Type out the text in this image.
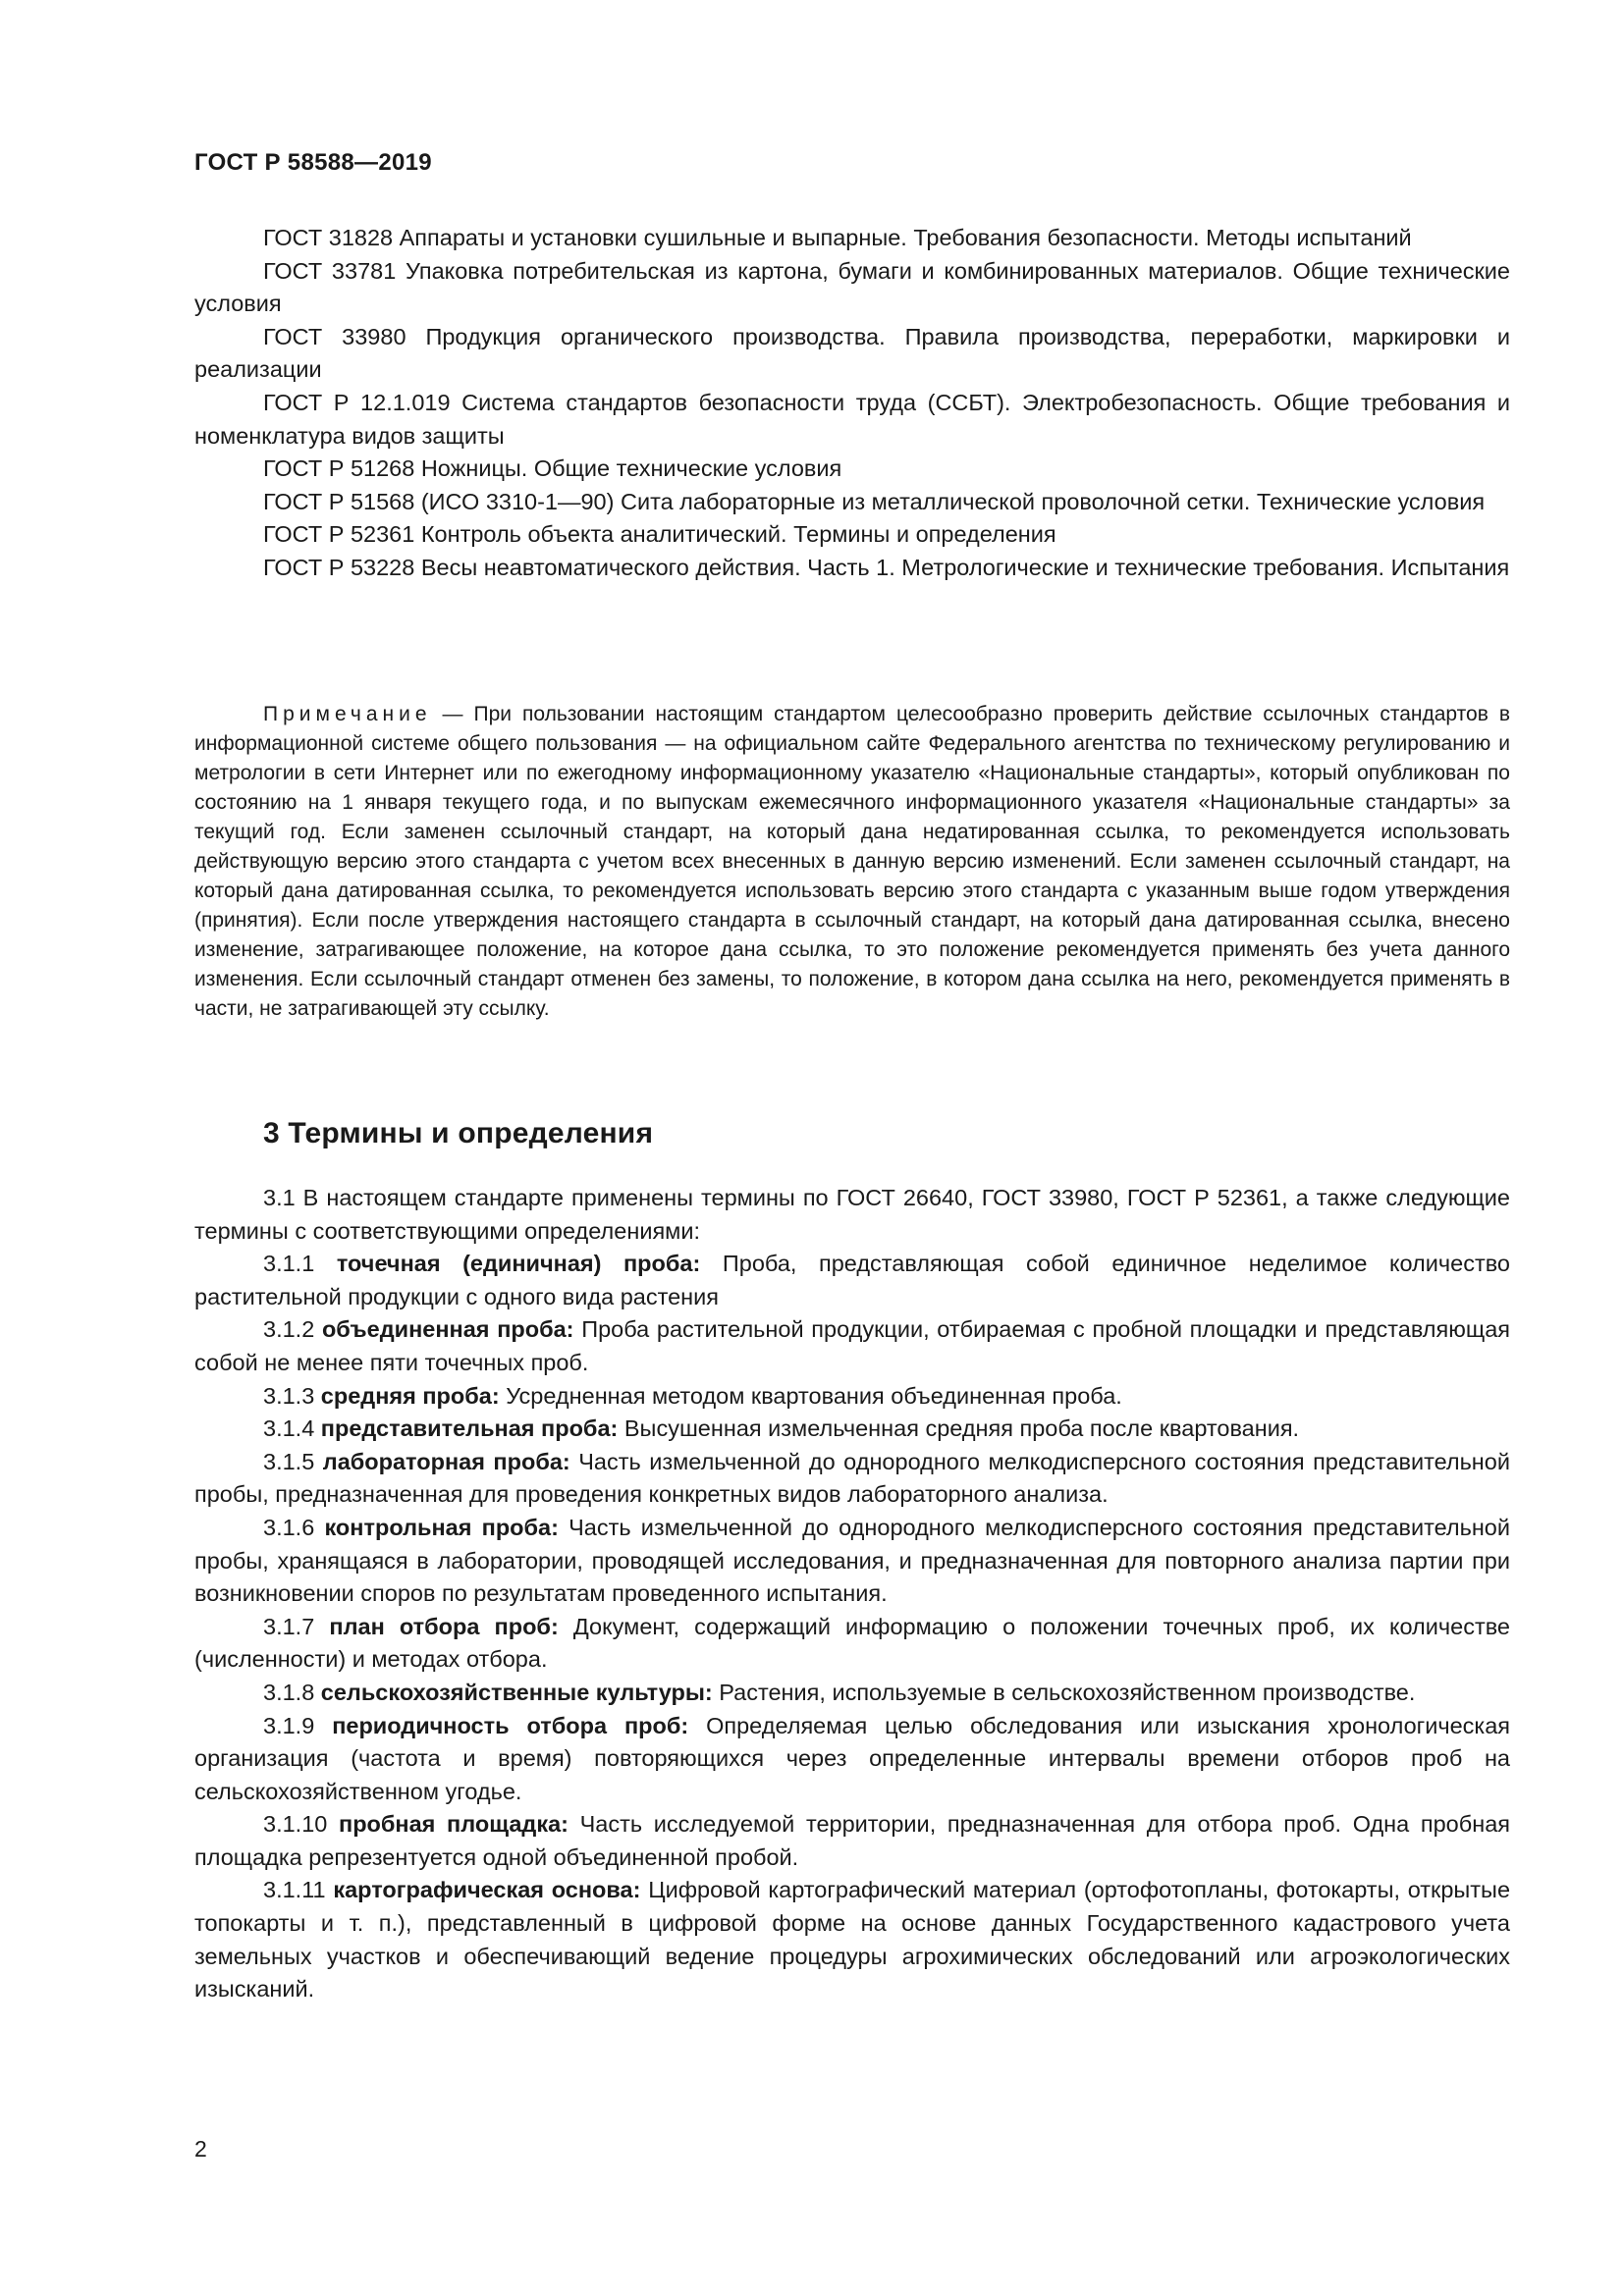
ГОСТ Р 58588—2019

ГОСТ 31828 Аппараты и установки сушильные и выпарные. Требования безопасности. Методы испытаний

ГОСТ 33781 Упаковка потребительская из картона, бумаги и комбинированных материалов. Общие технические условия

ГОСТ 33980 Продукция органического производства. Правила производства, переработки, маркировки и реализации

ГОСТ Р 12.1.019 Система стандартов безопасности труда (ССБТ). Электробезопасность. Общие требования и номенклатура видов защиты

ГОСТ Р 51268 Ножницы. Общие технические условия

ГОСТ Р 51568 (ИСО 3310-1—90) Сита лабораторные из металлической проволочной сетки. Технические условия

ГОСТ Р 52361 Контроль объекта аналитический. Термины и определения

ГОСТ Р 53228 Весы неавтоматического действия. Часть 1. Метрологические и технические требования. Испытания

Примечание — При пользовании настоящим стандартом целесообразно проверить действие ссылочных стандартов в информационной системе общего пользования — на официальном сайте Федерального агентства по техническому регулированию и метрологии в сети Интернет или по ежегодному информационному указателю «Национальные стандарты», который опубликован по состоянию на 1 января текущего года, и по выпускам ежемесячного информационного указателя «Национальные стандарты» за текущий год. Если заменен ссылочный стандарт, на который дана недатированная ссылка, то рекомендуется использовать действующую версию этого стандарта с учетом всех внесенных в данную версию изменений. Если заменен ссылочный стандарт, на который дана датированная ссылка, то рекомендуется использовать версию этого стандарта с указанным выше годом утверждения (принятия). Если после утверждения настоящего стандарта в ссылочный стандарт, на который дана датированная ссылка, внесено изменение, затрагивающее положение, на которое дана ссылка, то это положение рекомендуется применять без учета данного изменения. Если ссылочный стандарт отменен без замены, то положение, в котором дана ссылка на него, рекомендуется применять в части, не затрагивающей эту ссылку.

3 Термины и определения

3.1 В настоящем стандарте применены термины по ГОСТ 26640, ГОСТ 33980, ГОСТ Р 52361, а также следующие термины с соответствующими определениями:

3.1.1 точечная (единичная) проба: Проба, представляющая собой единичное неделимое количество растительной продукции с одного вида растения

3.1.2 объединенная проба: Проба растительной продукции, отбираемая с пробной площадки и представляющая собой не менее пяти точечных проб.

3.1.3 средняя проба: Усредненная методом квартования объединенная проба.

3.1.4 представительная проба: Высушенная измельченная средняя проба после квартования.

3.1.5 лабораторная проба: Часть измельченной до однородного мелкодисперсного состояния представительной пробы, предназначенная для проведения конкретных видов лабораторного анализа.

3.1.6 контрольная проба: Часть измельченной до однородного мелкодисперсного состояния представительной пробы, хранящаяся в лаборатории, проводящей исследования, и предназначенная для повторного анализа партии при возникновении споров по результатам проведенного испытания.

3.1.7 план отбора проб: Документ, содержащий информацию о положении точечных проб, их количестве (численности) и методах отбора.

3.1.8 сельскохозяйственные культуры: Растения, используемые в сельскохозяйственном производстве.

3.1.9 периодичность отбора проб: Определяемая целью обследования или изыскания хронологическая организация (частота и время) повторяющихся через определенные интервалы времени отборов проб на сельскохозяйственном угодье.

3.1.10 пробная площадка: Часть исследуемой территории, предназначенная для отбора проб. Одна пробная площадка репрезентуется одной объединенной пробой.

3.1.11 картографическая основа: Цифровой картографический материал (ортофотопланы, фотокарты, открытые топокарты и т. п.), представленный в цифровой форме на основе данных Государственного кадастрового учета земельных участков и обеспечивающий ведение процедуры агрохимических обследований или агроэкологических изысканий.

2
